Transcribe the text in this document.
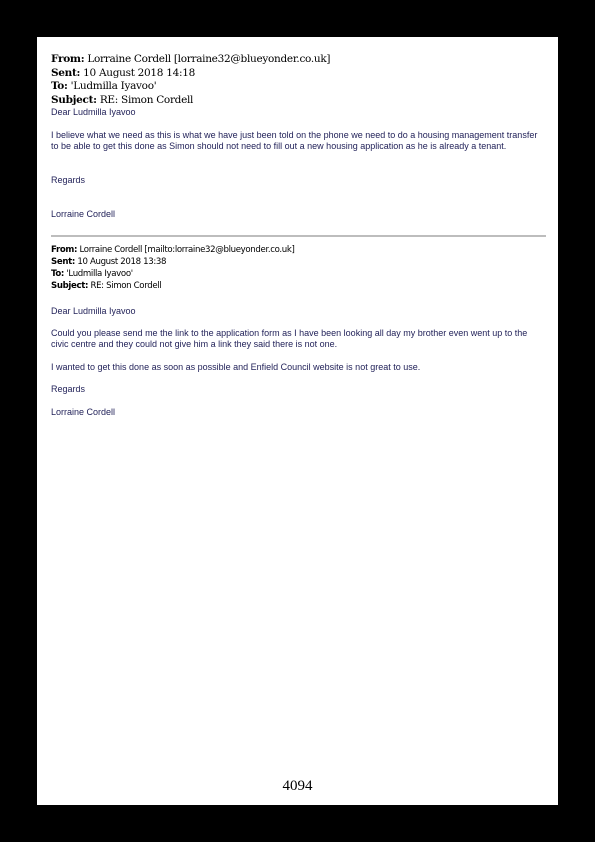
From: Lorraine Cordell [lorraine32@blueyonder.co.uk]
Sent: 10 August 2018 14:18
To: 'Ludmilla Iyavoo'
Subject: RE: Simon Cordell
Dear Ludmilla Iyavoo
I believe what we need as this is what we have just been told on the phone we need to do a housing management transfer to be able to get this done as Simon should not need to fill out a new housing application as he is already a tenant.
Regards
Lorraine Cordell
From: Lorraine Cordell [mailto:lorraine32@blueyonder.co.uk]
Sent: 10 August 2018 13:38
To: 'Ludmilla Iyavoo'
Subject: RE: Simon Cordell
Dear Ludmilla Iyavoo
Could you please send me the link to the application form as I have been looking all day my brother even went up to the civic centre and they could not give him a link they said there is not one.
I wanted to get this done as soon as possible and Enfield Council website is not great to use.
Regards
Lorraine Cordell
4094
